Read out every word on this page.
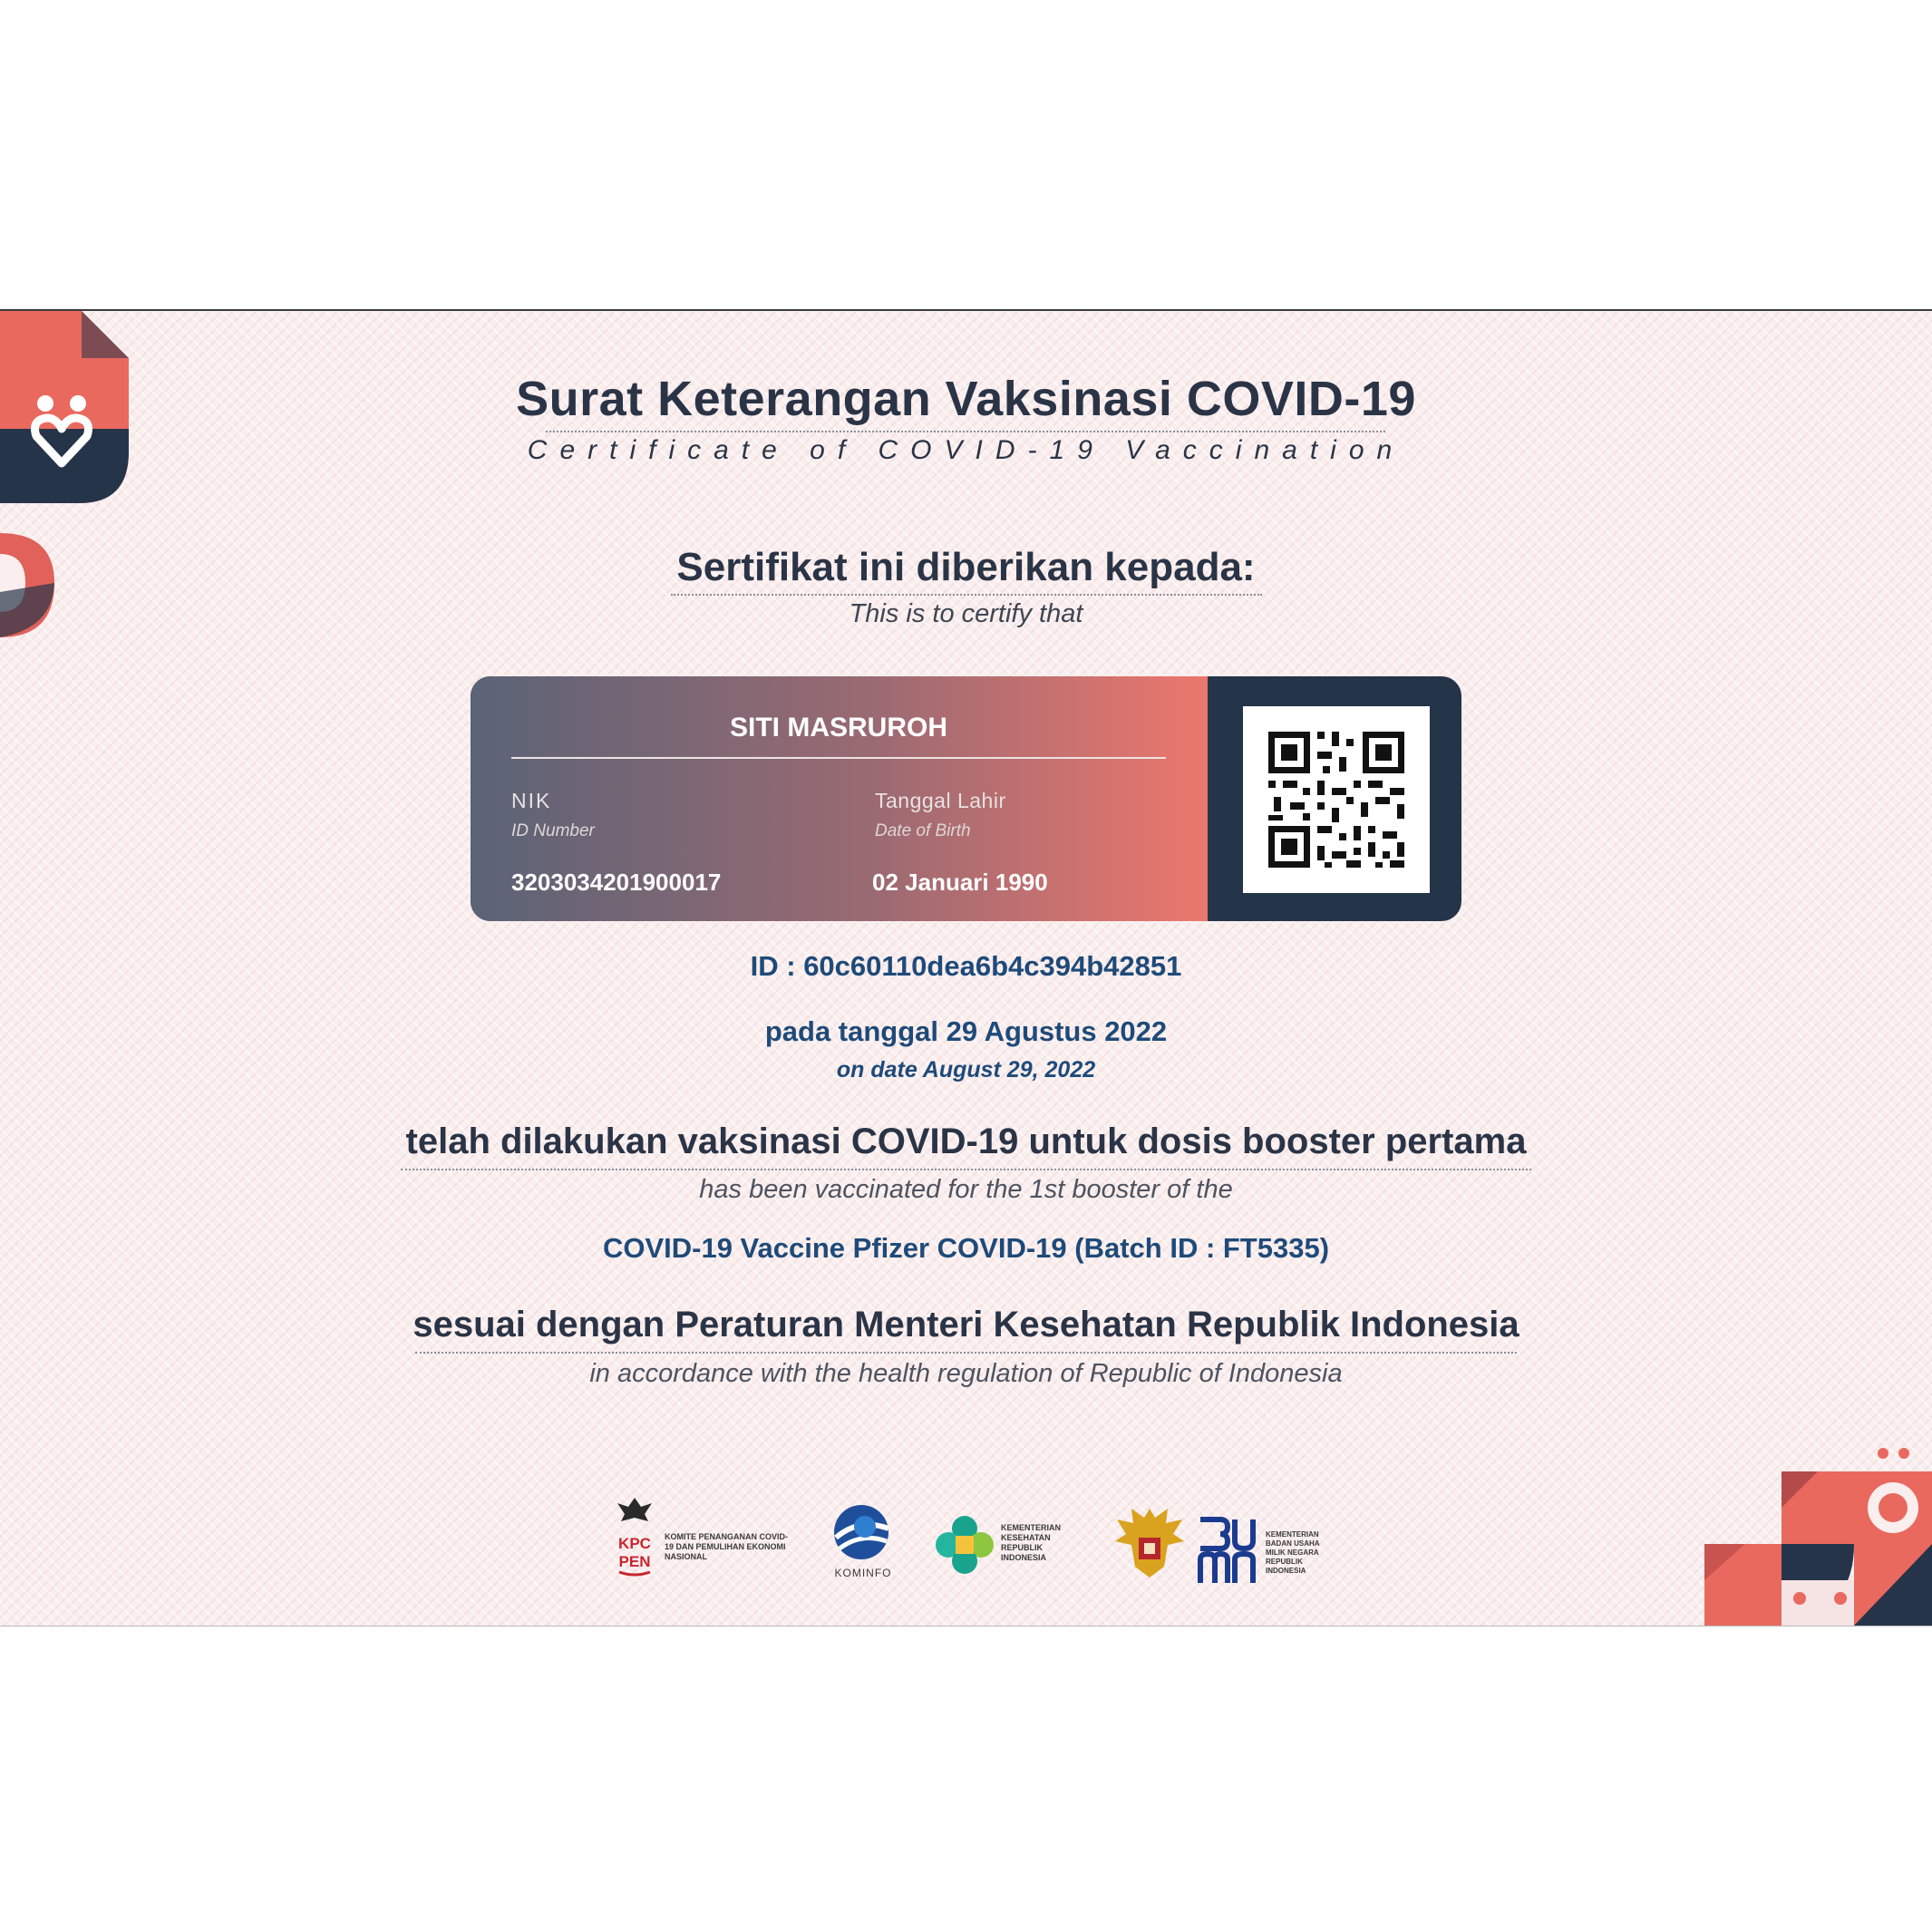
Surat Keterangan Vaksinasi COVID-19
Certificate of COVID-19 Vaccination
Sertifikat ini diberikan kepada:
This is to certify that
SITI MASRUROH
NIK
ID Number
3203034201900017
Tanggal Lahir
Date of Birth
02 Januari 1990
ID : 60c60110dea6b4c394b42851
pada tanggal 29 Agustus 2022
on date August 29, 2022
telah dilakukan vaksinasi COVID-19 untuk dosis booster pertama
has been vaccinated for the 1st booster of the
COVID-19 Vaccine Pfizer COVID-19 (Batch ID : FT5335)
sesuai dengan Peraturan Menteri Kesehatan Republik Indonesia
in accordance with the health regulation of Republic of Indonesia
KPC
PEN
KOMITE PENANGANAN COVID-19 DAN PEMULIHAN EKONOMI NASIONAL
KOMINFO
KEMENTERIAN KESEHATAN REPUBLIK INDONESIA
KEMENTERIAN BADAN USAHA MILIK NEGARA REPUBLIK INDONESIA
